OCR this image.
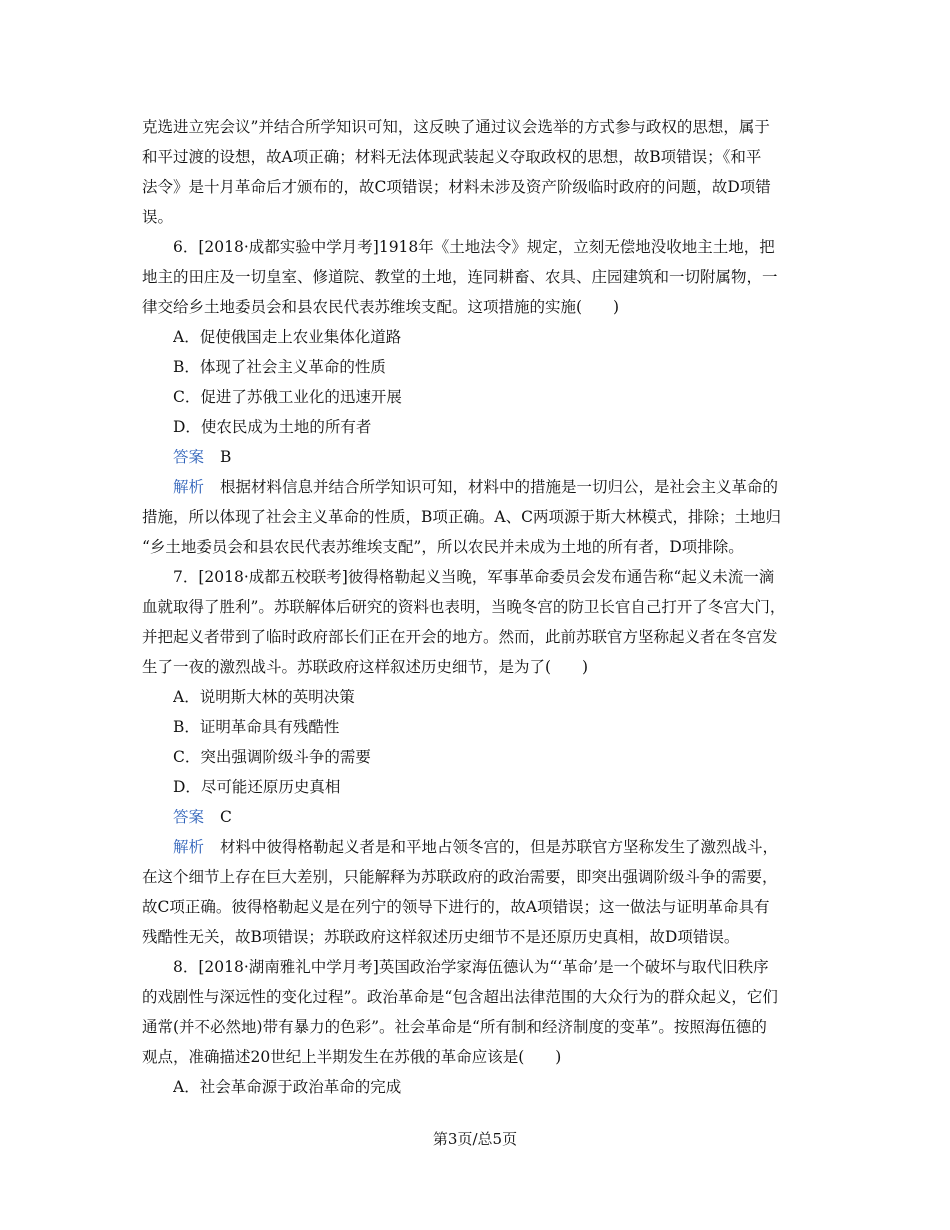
克选进立宪会议”并结合所学知识可知，这反映了通过议会选举的方式参与政权的思想，属于
和平过渡的设想，故A项正确；材料无法体现武装起义夺取政权的思想，故B项错误；《和平
法令》是十月革命后才颁布的，故C项错误；材料未涉及资产阶级临时政府的问题，故D项错
误。
6．[2018·成都实验中学月考]1918年《土地法令》规定，立刻无偿地没收地主土地，把
地主的田庄及一切皇室、修道院、教堂的土地，连同耕畜、农具、庄园建筑和一切附属物，一
律交给乡土地委员会和县农民代表苏维埃支配。这项措施的实施(　　)
A．促使俄国走上农业集体化道路
B．体现了社会主义革命的性质
C．促进了苏俄工业化的迅速开展
D．使农民成为土地的所有者
答案 B
解析 根据材料信息并结合所学知识可知，材料中的措施是一切归公，是社会主义革命的
措施，所以体现了社会主义革命的性质，B项正确。A、C两项源于斯大林模式，排除；土地归
“乡土地委员会和县农民代表苏维埃支配”，所以农民并未成为土地的所有者，D项排除。
7．[2018·成都五校联考]彼得格勒起义当晚，军事革命委员会发布通告称“起义未流一滴
血就取得了胜利”。苏联解体后研究的资料也表明，当晚冬宫的防卫长官自己打开了冬宫大门，
并把起义者带到了临时政府部长们正在开会的地方。然而，此前苏联官方坚称起义者在冬宫发
生了一夜的激烈战斗。苏联政府这样叙述历史细节，是为了(　　)
A．说明斯大林的英明决策
B．证明革命具有残酷性
C．突出强调阶级斗争的需要
D．尽可能还原历史真相
答案 C
解析 材料中彼得格勒起义者是和平地占领冬宫的，但是苏联官方坚称发生了激烈战斗，
在这个细节上存在巨大差别，只能解释为苏联政府的政治需要，即突出强调阶级斗争的需要，
故C项正确。彼得格勒起义是在列宁的领导下进行的，故A项错误；这一做法与证明革命具有
残酷性无关，故B项错误；苏联政府这样叙述历史细节不是还原历史真相，故D项错误。
8．[2018·湖南雅礼中学月考]英国政治学家海伍德认为“‘革命’是一个破坏与取代旧秩序
的戏剧性与深远性的变化过程”。政治革命是“包含超出法律范围的大众行为的群众起义，它们
通常(并不必然地)带有暴力的色彩”。社会革命是“所有制和经济制度的变革”。按照海伍德的
观点，准确描述20世纪上半期发生在苏俄的革命应该是(　　)
A．社会革命源于政治革命的完成
第3页/总5页
